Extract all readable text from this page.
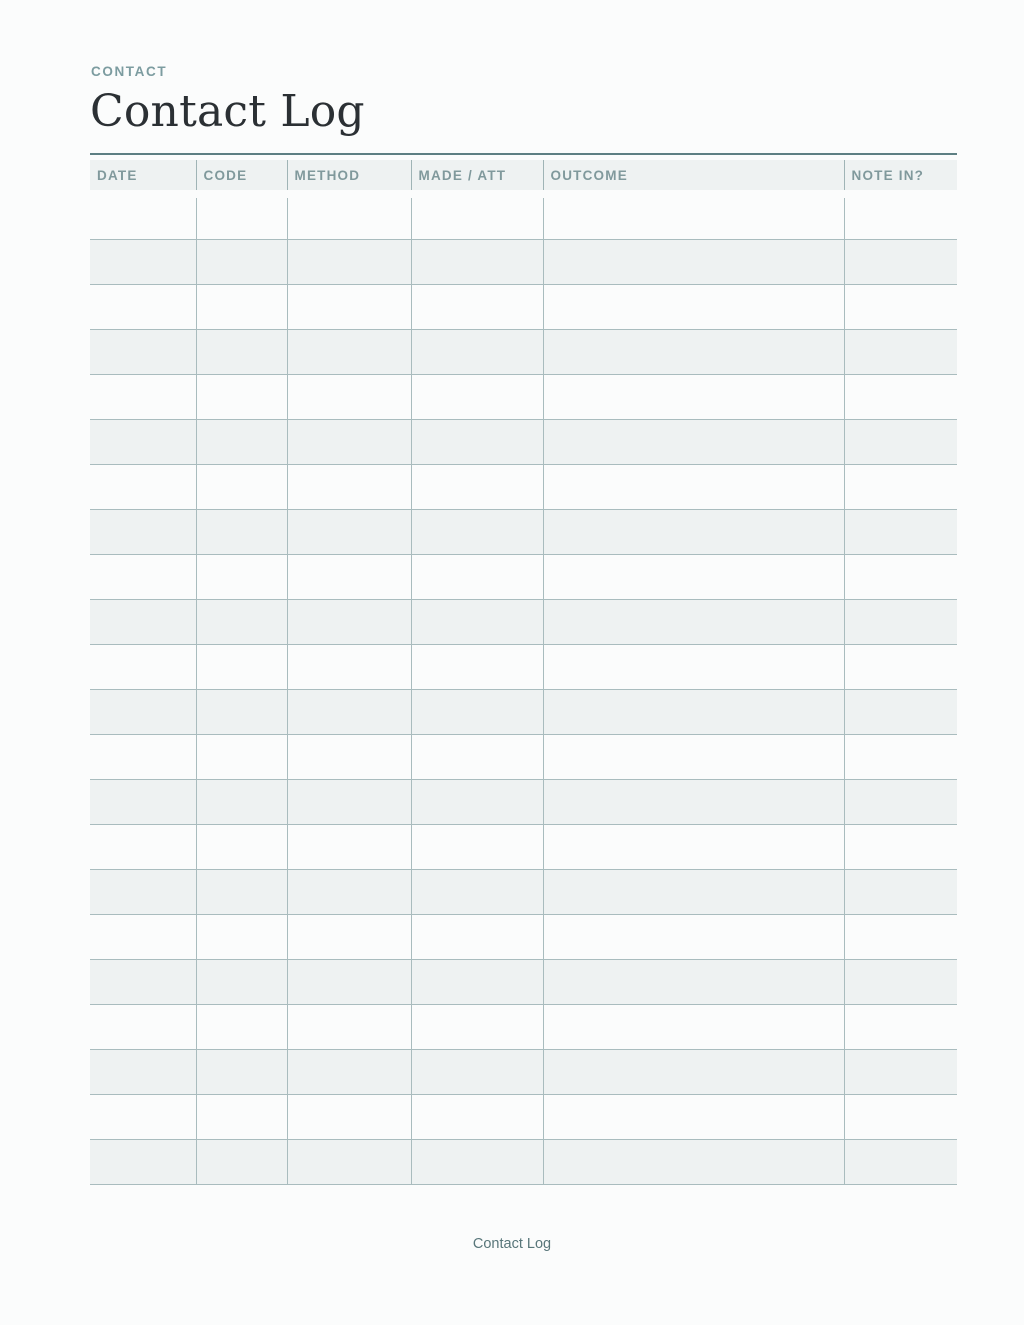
CONTACT
Contact Log
DATE	CODE	METHOD	MADE / ATT	OUTCOME	NOTE IN?

Contact Log
